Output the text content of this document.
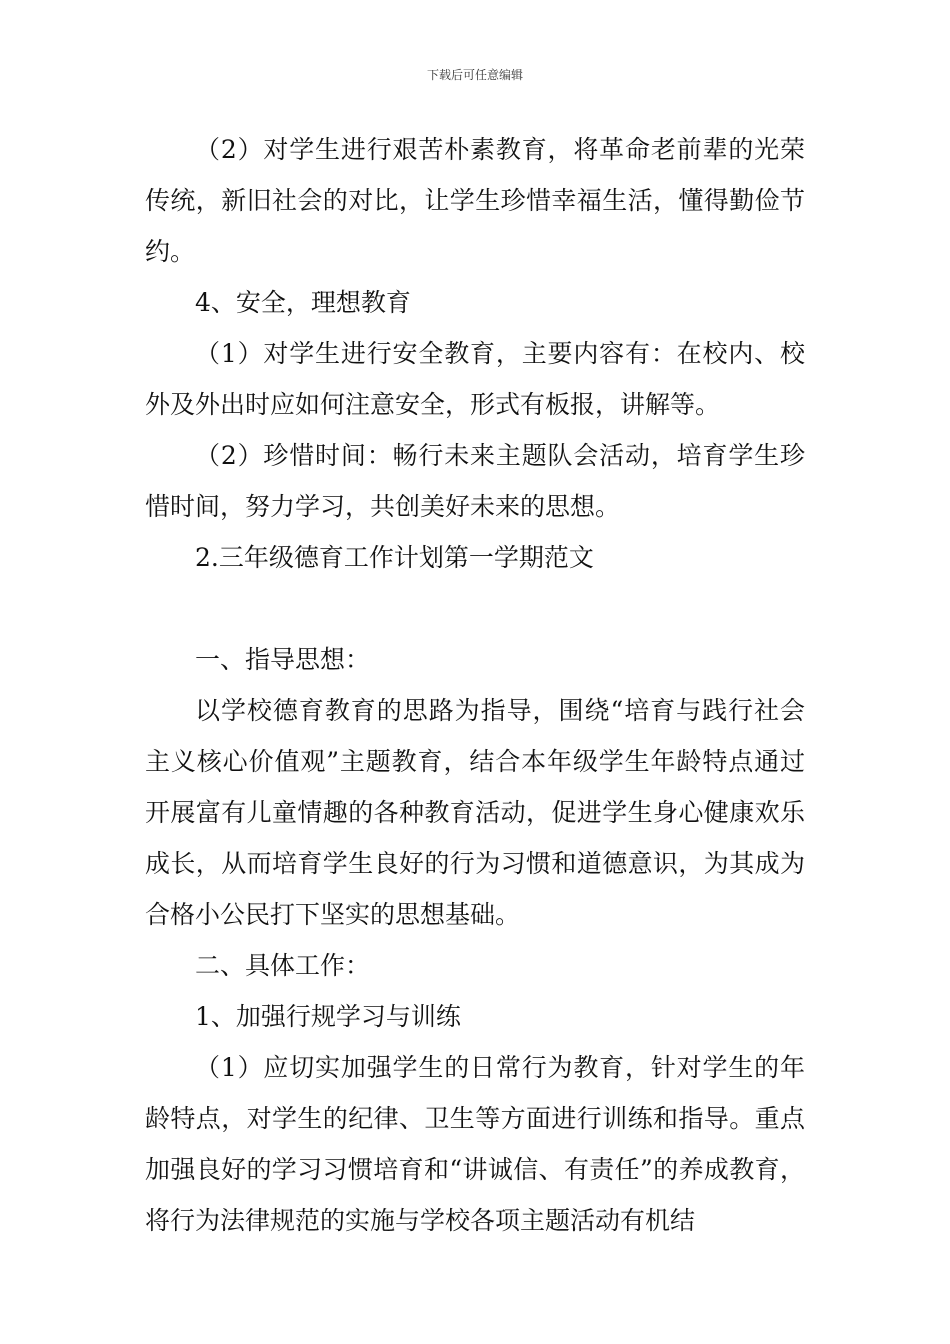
下载后可任意编辑

（2）对学生进行艰苦朴素教育，将革命老前辈的光荣传统，新旧社会的对比，让学生珍惜幸福生活，懂得勤俭节约。

4、安全，理想教育

（1）对学生进行安全教育，主要内容有：在校内、校外及外出时应如何注意安全，形式有板报，讲解等。

（2）珍惜时间：畅行未来主题队会活动，培育学生珍惜时间，努力学习，共创美好未来的思想。

2.三年级德育工作计划第一学期范文

一、指导思想：

以学校德育教育的思路为指导，围绕“培育与践行社会主义核心价值观”主题教育，结合本年级学生年龄特点通过开展富有儿童情趣的各种教育活动，促进学生身心健康欢乐成长，从而培育学生良好的行为习惯和道德意识，为其成为合格小公民打下坚实的思想基础。

二、具体工作：

1、加强行规学习与训练

（1）应切实加强学生的日常行为教育，针对学生的年龄特点，对学生的纪律、卫生等方面进行训练和指导。重点加强良好的学习习惯培育和“讲诚信、有责任”的养成教育，将行为法律规范的实施与学校各项主题活动有机结
